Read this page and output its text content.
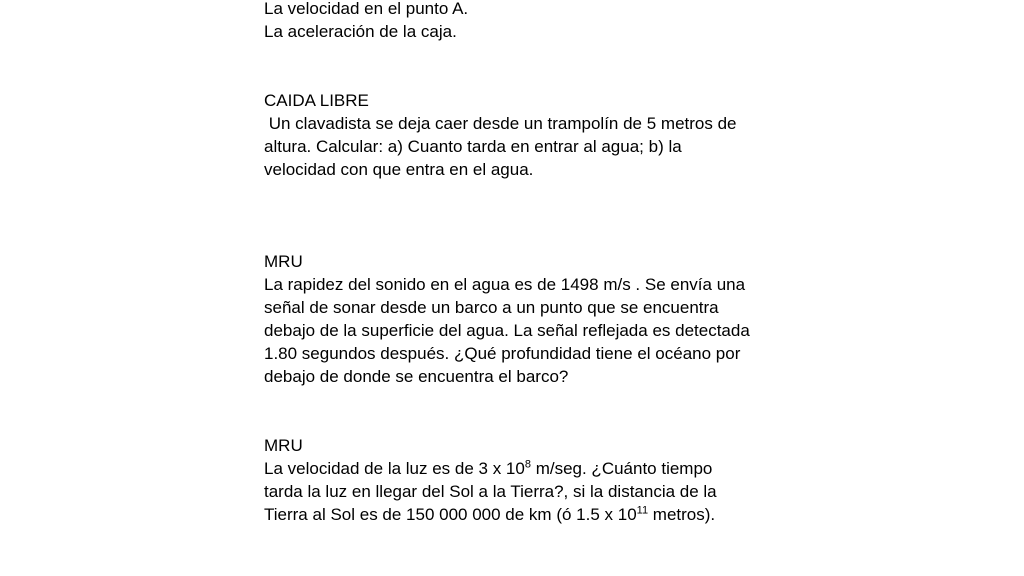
La velocidad en el punto A.
La aceleración de la caja.
CAIDA LIBRE
Un clavadista se deja caer desde un trampolín de 5 metros de
altura. Calcular: a) Cuanto tarda en entrar al agua; b) la
velocidad con que entra en el agua.
MRU
La rapidez del sonido en el agua es de 1498 m/s . Se envía una
señal de sonar desde un barco a un punto que se encuentra
debajo de la superficie del agua. La señal reflejada es detectada
1.80 segundos después. ¿Qué profundidad tiene el océano por
debajo de donde se encuentra el barco?
MRU
La velocidad de la luz es de 3 x $10^8$ m/seg. ¿Cuánto tiempo
tarda la luz en llegar del Sol a la Tierra?, si la distancia de la
Tierra al Sol es de 150 000 000 de km (ó 1.5 x $10^{11}$ metros).
